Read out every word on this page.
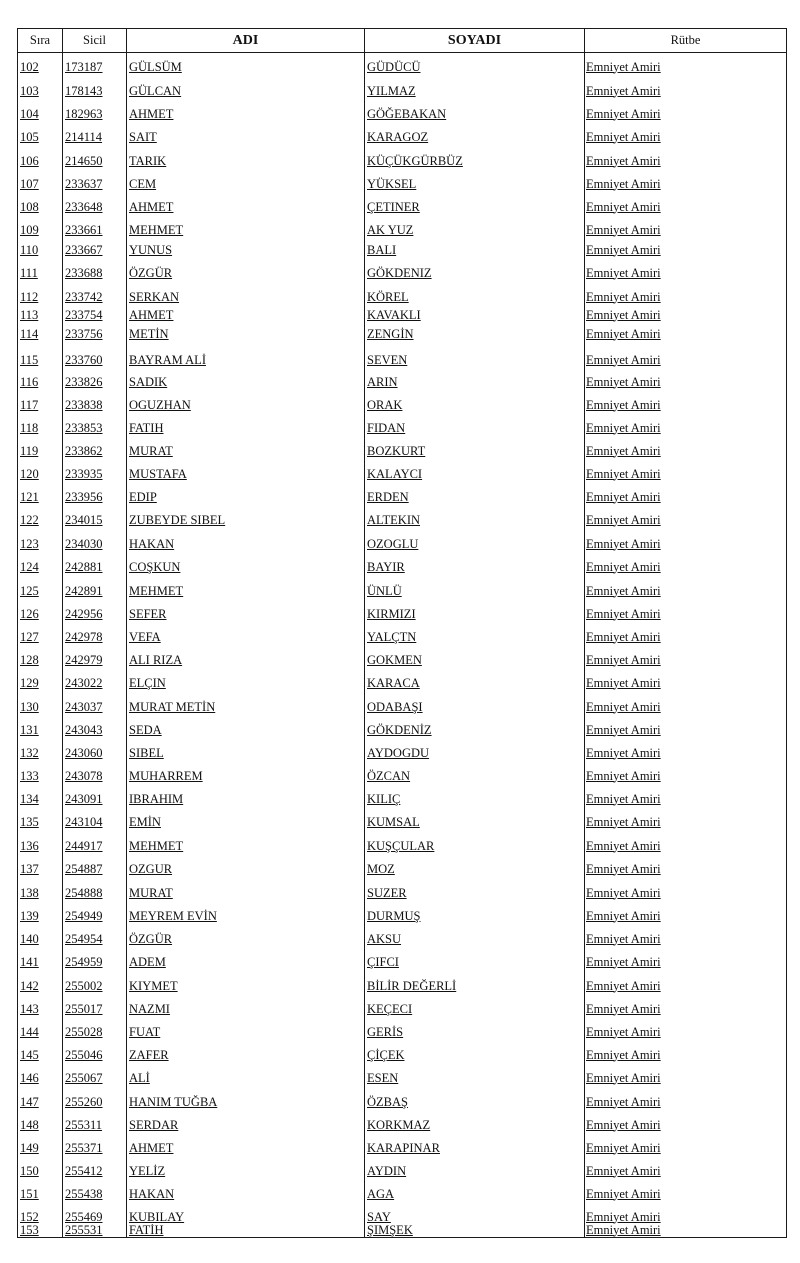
Sıra	Sicil	ADI	SOYADI	Rütbe
102	173187	GÜLSÜM	GÜDÜCÜ	Emniyet Amiri
103	178143	GÜLCAN	YILMAZ	Emniyet Amiri
104	182963	AHMET	GÖĞEBAKAN	Emniyet Amiri
105	214114	SAIT	KARAGOZ	Emniyet Amiri
106	214650	TARIK	KÜÇÜKGÜRBÜZ	Emniyet Amiri
107	233637	CEM	YÜKSEL	Emniyet Amiri
108	233648	AHMET	ÇETINER	Emniyet Amiri
109	233661	MEHMET	AK YUZ	Emniyet Amiri
110	233667	YUNUS	BALI	Emniyet Amiri
111	233688	ÖZGÜR	GÖKDENIZ	Emniyet Amiri
112	233742	SERKAN	KÖREL	Emniyet Amiri
113	233754	AHMET	KAVAKLI	Emniyet Amiri
114	233756	METİN	ZENGİN	Emniyet Amiri
115	233760	BAYRAM ALİ	SEVEN	Emniyet Amiri
116	233826	SADIK	ARIN	Emniyet Amiri
117	233838	OGUZHAN	ORAK	Emniyet Amiri
118	233853	FATIH	FIDAN	Emniyet Amiri
119	233862	MURAT	BOZKURT	Emniyet Amiri
120	233935	MUSTAFA	KALAYCI	Emniyet Amiri
121	233956	EDIP	ERDEN	Emniyet Amiri
122	234015	ZUBEYDE SIBEL	ALTEKIN	Emniyet Amiri
123	234030	HAKAN	OZOGLU	Emniyet Amiri
124	242881	COŞKUN	BAYIR	Emniyet Amiri
125	242891	MEHMET	ÜNLÜ	Emniyet Amiri
126	242956	SEFER	KIRMIZI	Emniyet Amiri
127	242978	VEFA	YALÇTN	Emniyet Amiri
128	242979	ALI RIZA	GOKMEN	Emniyet Amiri
129	243022	ELÇIN	KARACA	Emniyet Amiri
130	243037	MURAT METİN	ODABAŞI	Emniyet Amiri
131	243043	SEDA	GÖKDENİZ	Emniyet Amiri
132	243060	SIBEL	AYDOGDU	Emniyet Amiri
133	243078	MUHARREM	ÖZCAN	Emniyet Amiri
134	243091	IBRAHIM	KILIÇ	Emniyet Amiri
135	243104	EMİN	KUMSAL	Emniyet Amiri
136	244917	MEHMET	KUŞÇULAR	Emniyet Amiri
137	254887	OZGUR	MOZ	Emniyet Amiri
138	254888	MURAT	SUZER	Emniyet Amiri
139	254949	MEYREM EVİN	DURMUŞ	Emniyet Amiri
140	254954	ÖZGÜR	AKSU	Emniyet Amiri
141	254959	ADEM	ÇIFCI	Emniyet Amiri
142	255002	KIYMET	BİLİR DEĞERLİ	Emniyet Amiri
143	255017	NAZMI	KEÇECI	Emniyet Amiri
144	255028	FUAT	GERİS	Emniyet Amiri
145	255046	ZAFER	ÇİÇEK	Emniyet Amiri
146	255067	ALİ	ESEN	Emniyet Amiri
147	255260	HANIM TUĞBA	ÖZBAŞ	Emniyet Amiri
148	255311	SERDAR	KORKMAZ	Emniyet Amiri
149	255371	AHMET	KARAPINAR	Emniyet Amiri
150	255412	YELİZ	AYDIN	Emniyet Amiri
151	255438	HAKAN	AGA	Emniyet Amiri
152	255469	KUBILAY	SAY	Emniyet Amiri
153	255531	FATİH	ŞIMŞEK	Emniyet Amiri
